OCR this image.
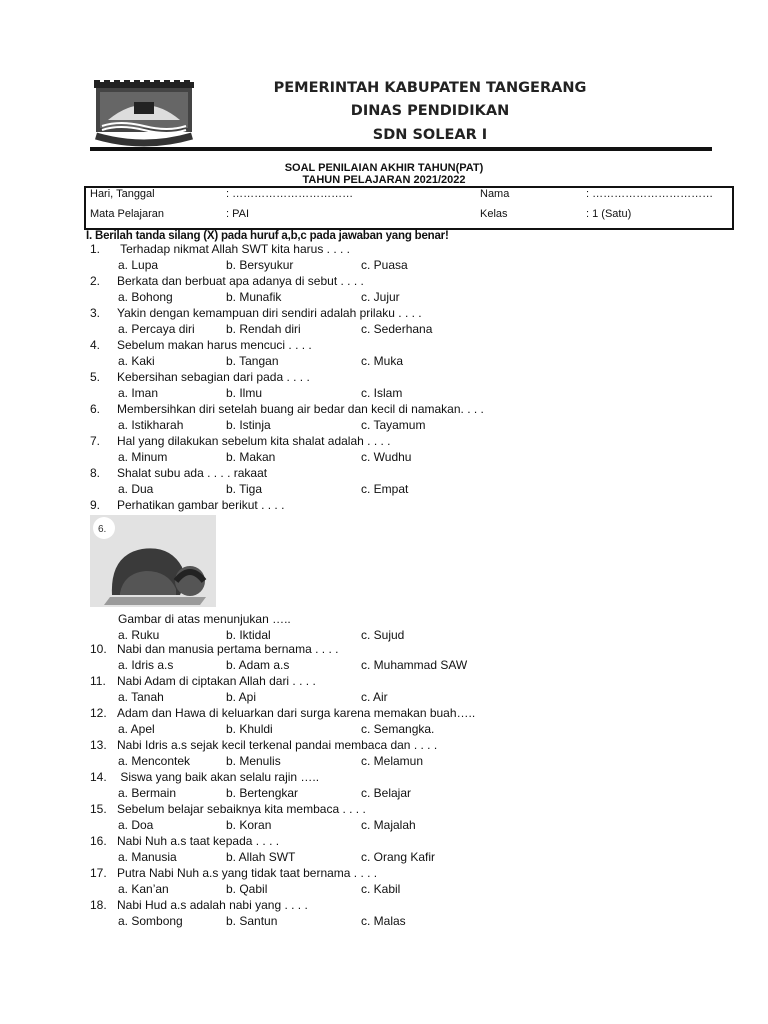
PEMERINTAH KABUPATEN TANGERANG
DINAS PENDIDIKAN
SDN SOLEAR I
SOAL PENILAIAN AKHIR TAHUN(PAT)
TAHUN PELAJARAN 2021/2022
Hari, Tanggal	: ……………………………	Nama	: ……………………………
Mata Pelajaran	: PAI	Kelas	: 1 (Satu)
I. Berilah tanda silang (X) pada huruf a,b,c pada jawaban yang benar!
1. Terhadap nikmat Allah SWT kita harus . . . .
a. Lupa	b. Bersyukur	c. Puasa
2. Berkata dan berbuat apa adanya di sebut . . . .
a. Bohong	b. Munafik	c. Jujur
3. Yakin dengan kemampuan diri sendiri adalah prilaku . . . .
a. Percaya diri	b. Rendah diri	c. Sederhana
4. Sebelum makan harus mencuci . . . .
a. Kaki	b. Tangan	c. Muka
5. Kebersihan sebagian dari pada . . . .
a. Iman	b. Ilmu	c. Islam
6. Membersihkan diri setelah buang air bedar dan kecil di namakan. . . .
a. Istikharah	b. Istinja	c. Tayamum
7. Hal yang dilakukan sebelum kita shalat adalah . . . .
a. Minum	b. Makan	c. Wudhu
8. Shalat subu ada . . . . rakaat
a. Dua	b. Tiga	c. Empat
9. Perhatikan gambar berikut . . . .
Gambar di atas menunjukan …..
a. Ruku	b. Iktidal	c. Sujud
10. Nabi dan manusia pertama bernama . . . .
a. Idris a.s	b. Adam a.s	c. Muhammad SAW
11. Nabi Adam di ciptakan Allah dari . . . .
a. Tanah	b. Api	c. Air
12. Adam dan Hawa di keluarkan dari surga karena memakan buah…..
a. Apel	b. Khuldi	c. Semangka.
13. Nabi Idris a.s sejak kecil terkenal pandai membaca dan . . . .
a. Mencontek	b. Menulis	c. Melamun
14. Siswa yang baik akan selalu rajin …..
a. Bermain	b. Bertengkar	c. Belajar
15. Sebelum belajar sebaiknya kita membaca . . . .
a. Doa	b. Koran	c. Majalah
16. Nabi Nuh a.s taat kepada . . . .
a. Manusia	b. Allah SWT	c. Orang Kafir
17. Putra Nabi Nuh a.s yang tidak taat bernama . . . .
a. Kan’an	b. Qabil	c. Kabil
18. Nabi Hud a.s adalah nabi yang . . . .
a. Sombong	b. Santun	c. Malas
6.
